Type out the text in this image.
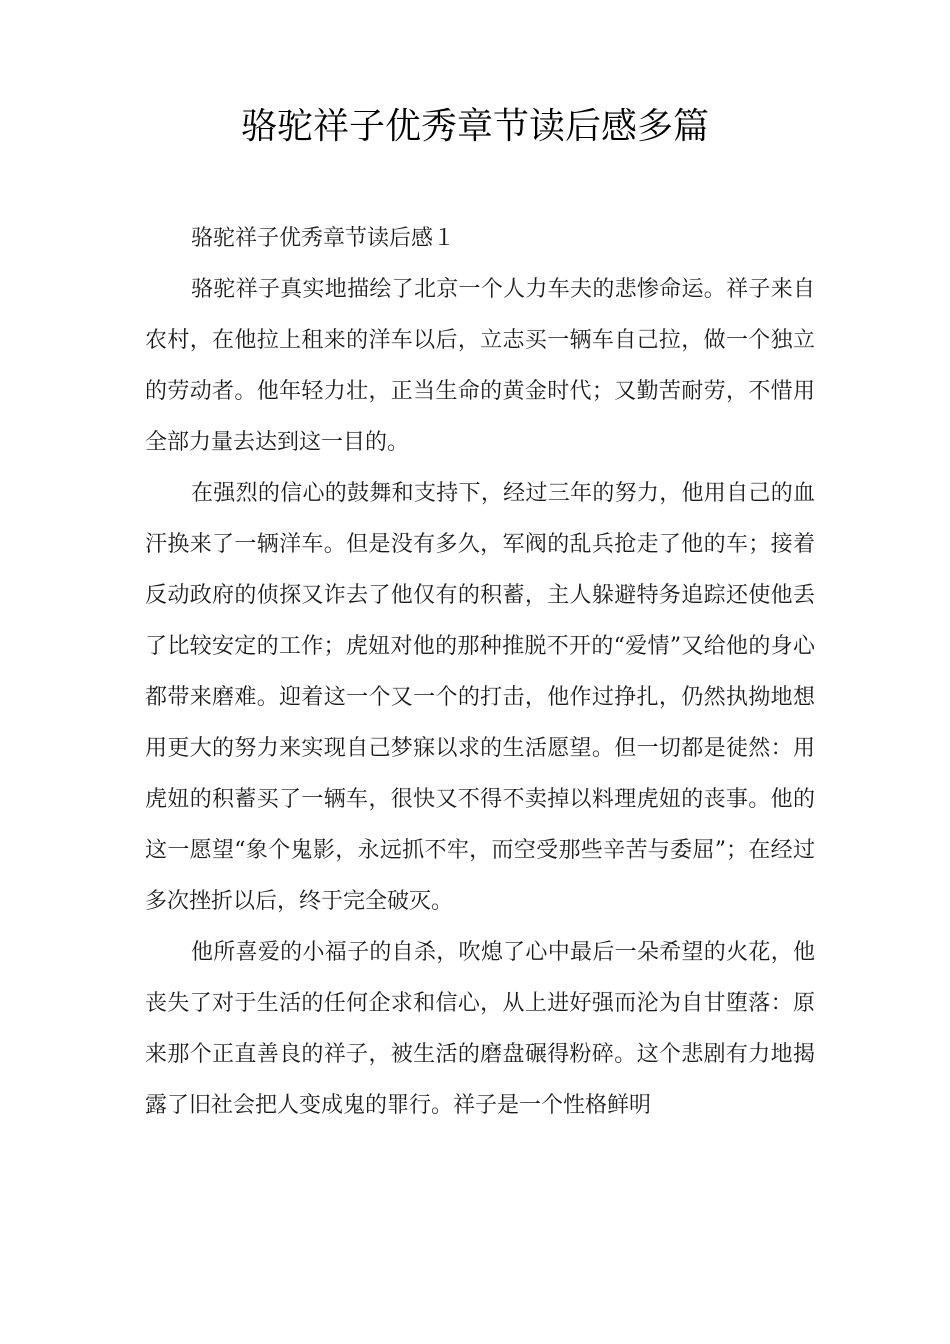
骆驼祥子优秀章节读后感多篇

骆驼祥子优秀章节读后感１

骆驼祥子真实地描绘了北京一个人力车夫的悲惨命运。祥子来自农村，在他拉上租来的洋车以后，立志买一辆车自己拉，做一个独立的劳动者。他年轻力壮，正当生命的黄金时代；又勤苦耐劳，不惜用全部力量去达到这一目的。

在强烈的信心的鼓舞和支持下，经过三年的努力，他用自己的血汗换来了一辆洋车。但是没有多久，军阀的乱兵抢走了他的车；接着反动政府的侦探又诈去了他仅有的积蓄，主人躲避特务追踪还使他丢了比较安定的工作；虎妞对他的那种推脱不开的“爱情”又给他的身心都带来磨难。迎着这一个又一个的打击，他作过挣扎，仍然执拗地想用更大的努力来实现自己梦寐以求的生活愿望。但一切都是徒然：用虎妞的积蓄买了一辆车，很快又不得不卖掉以料理虎妞的丧事。他的这一愿望“象个鬼影，永远抓不牢，而空受那些辛苦与委屈”；在经过多次挫折以后，终于完全破灭。

他所喜爱的小福子的自杀，吹熄了心中最后一朵希望的火花，他丧失了对于生活的任何企求和信心，从上进好强而沦为自甘堕落：原来那个正直善良的祥子，被生活的磨盘碾得粉碎。这个悲剧有力地揭露了旧社会把人变成鬼的罪行。祥子是一个性格鲜明
